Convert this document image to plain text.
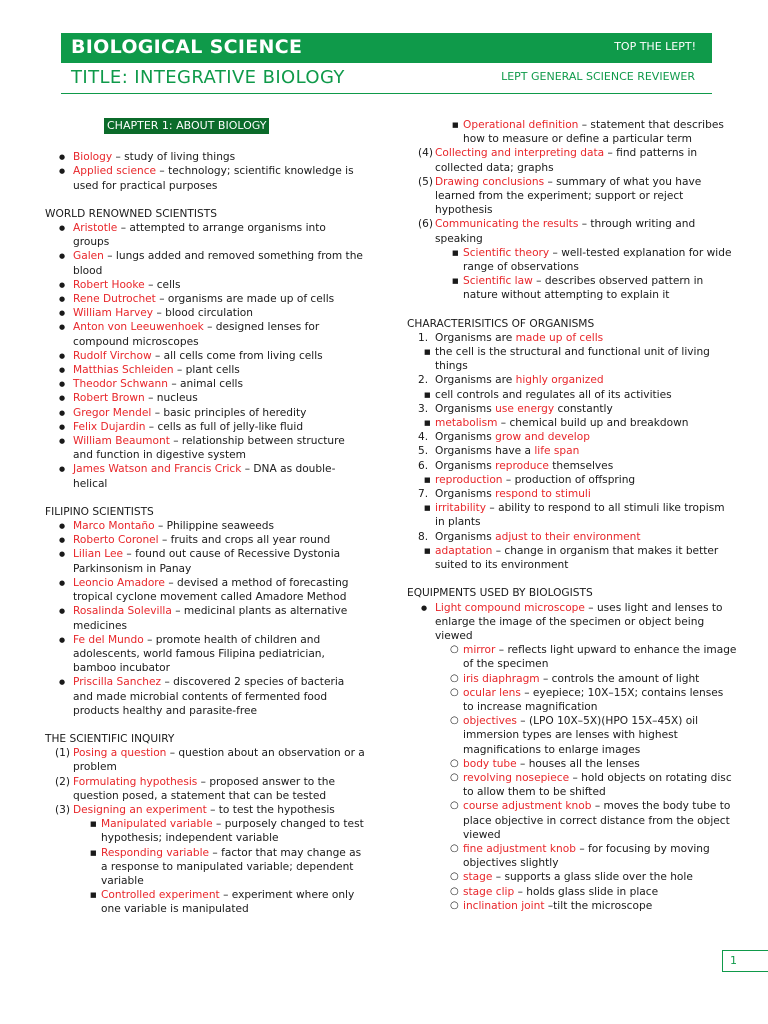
BIOLOGICAL SCIENCE	TOP THE LEPT!
TITLE: INTEGRATIVE BIOLOGY	LEPT GENERAL SCIENCE REVIEWER
CHAPTER 1: ABOUT BIOLOGY
● Biology – study of living things
● Applied science – technology; scientific knowledge is used for practical purposes
WORLD RENOWNED SCIENTISTS
● Aristotle – attempted to arrange organisms into groups
● Galen – lungs added and removed something from the blood
● Robert Hooke – cells
● Rene Dutrochet – organisms are made up of cells
● William Harvey – blood circulation
● Anton von Leeuwenhoek – designed lenses for compound microscopes
● Rudolf Virchow – all cells come from living cells
● Matthias Schleiden – plant cells
● Theodor Schwann – animal cells
● Robert Brown – nucleus
● Gregor Mendel – basic principles of heredity
● Felix Dujardin – cells as full of jelly-like fluid
● William Beaumont – relationship between structure and function in digestive system
● James Watson and Francis Crick – DNA as double-helical
FILIPINO SCIENTISTS
● Marco Montaño – Philippine seaweeds
● Roberto Coronel – fruits and crops all year round
● Lilian Lee – found out cause of Recessive Dystonia Parkinsonism in Panay
● Leoncio Amadore – devised a method of forecasting tropical cyclone movement called Amadore Method
● Rosalinda Solevilla – medicinal plants as alternative medicines
● Fe del Mundo – promote health of children and adolescents, world famous Filipina pediatrician, bamboo incubator
● Priscilla Sanchez – discovered 2 species of bacteria and made microbial contents of fermented food products healthy and parasite-free
THE SCIENTIFIC INQUIRY
(1) Posing a question – question about an observation or a problem
(2) Formulating hypothesis – proposed answer to the question posed, a statement that can be tested
(3) Designing an experiment – to test the hypothesis
■ Manipulated variable – purposely changed to test hypothesis; independent variable
■ Responding variable – factor that may change as a response to manipulated variable; dependent variable
■ Controlled experiment – experiment where only one variable is manipulated
■ Operational definition – statement that describes how to measure or define a particular term
(4) Collecting and interpreting data – find patterns in collected data; graphs
(5) Drawing conclusions – summary of what you have learned from the experiment; support or reject hypothesis
(6) Communicating the results – through writing and speaking
■ Scientific theory – well-tested explanation for wide range of observations
■ Scientific law – describes observed pattern in nature without attempting to explain it
CHARACTERISITICS OF ORGANISMS
1. Organisms are made up of cells
■ the cell is the structural and functional unit of living things
2. Organisms are highly organized
■ cell controls and regulates all of its activities
3. Organisms use energy constantly
■ metabolism – chemical build up and breakdown
4. Organisms grow and develop
5. Organisms have a life span
6. Organisms reproduce themselves
■ reproduction – production of offspring
7. Organisms respond to stimuli
■ irritability – ability to respond to all stimuli like tropism in plants
8. Organisms adjust to their environment
■ adaptation – change in organism that makes it better suited to its environment
EQUIPMENTS USED BY BIOLOGISTS
● Light compound microscope – uses light and lenses to enlarge the image of the specimen or object being viewed
○ mirror – reflects light upward to enhance the image of the specimen
○ iris diaphragm – controls the amount of light
○ ocular lens – eyepiece; 10X–15X; contains lenses to increase magnification
○ objectives – (LPO 10X–5X)(HPO 15X–45X) oil immersion types are lenses with highest magnifications to enlarge images
○ body tube – houses all the lenses
○ revolving nosepiece – hold objects on rotating disc to allow them to be shifted
○ course adjustment knob – moves the body tube to place objective in correct distance from the object viewed
○ fine adjustment knob – for focusing by moving objectives slightly
○ stage – supports a glass slide over the hole
○ stage clip – holds glass slide in place
○ inclination joint –tilt the microscope
1
